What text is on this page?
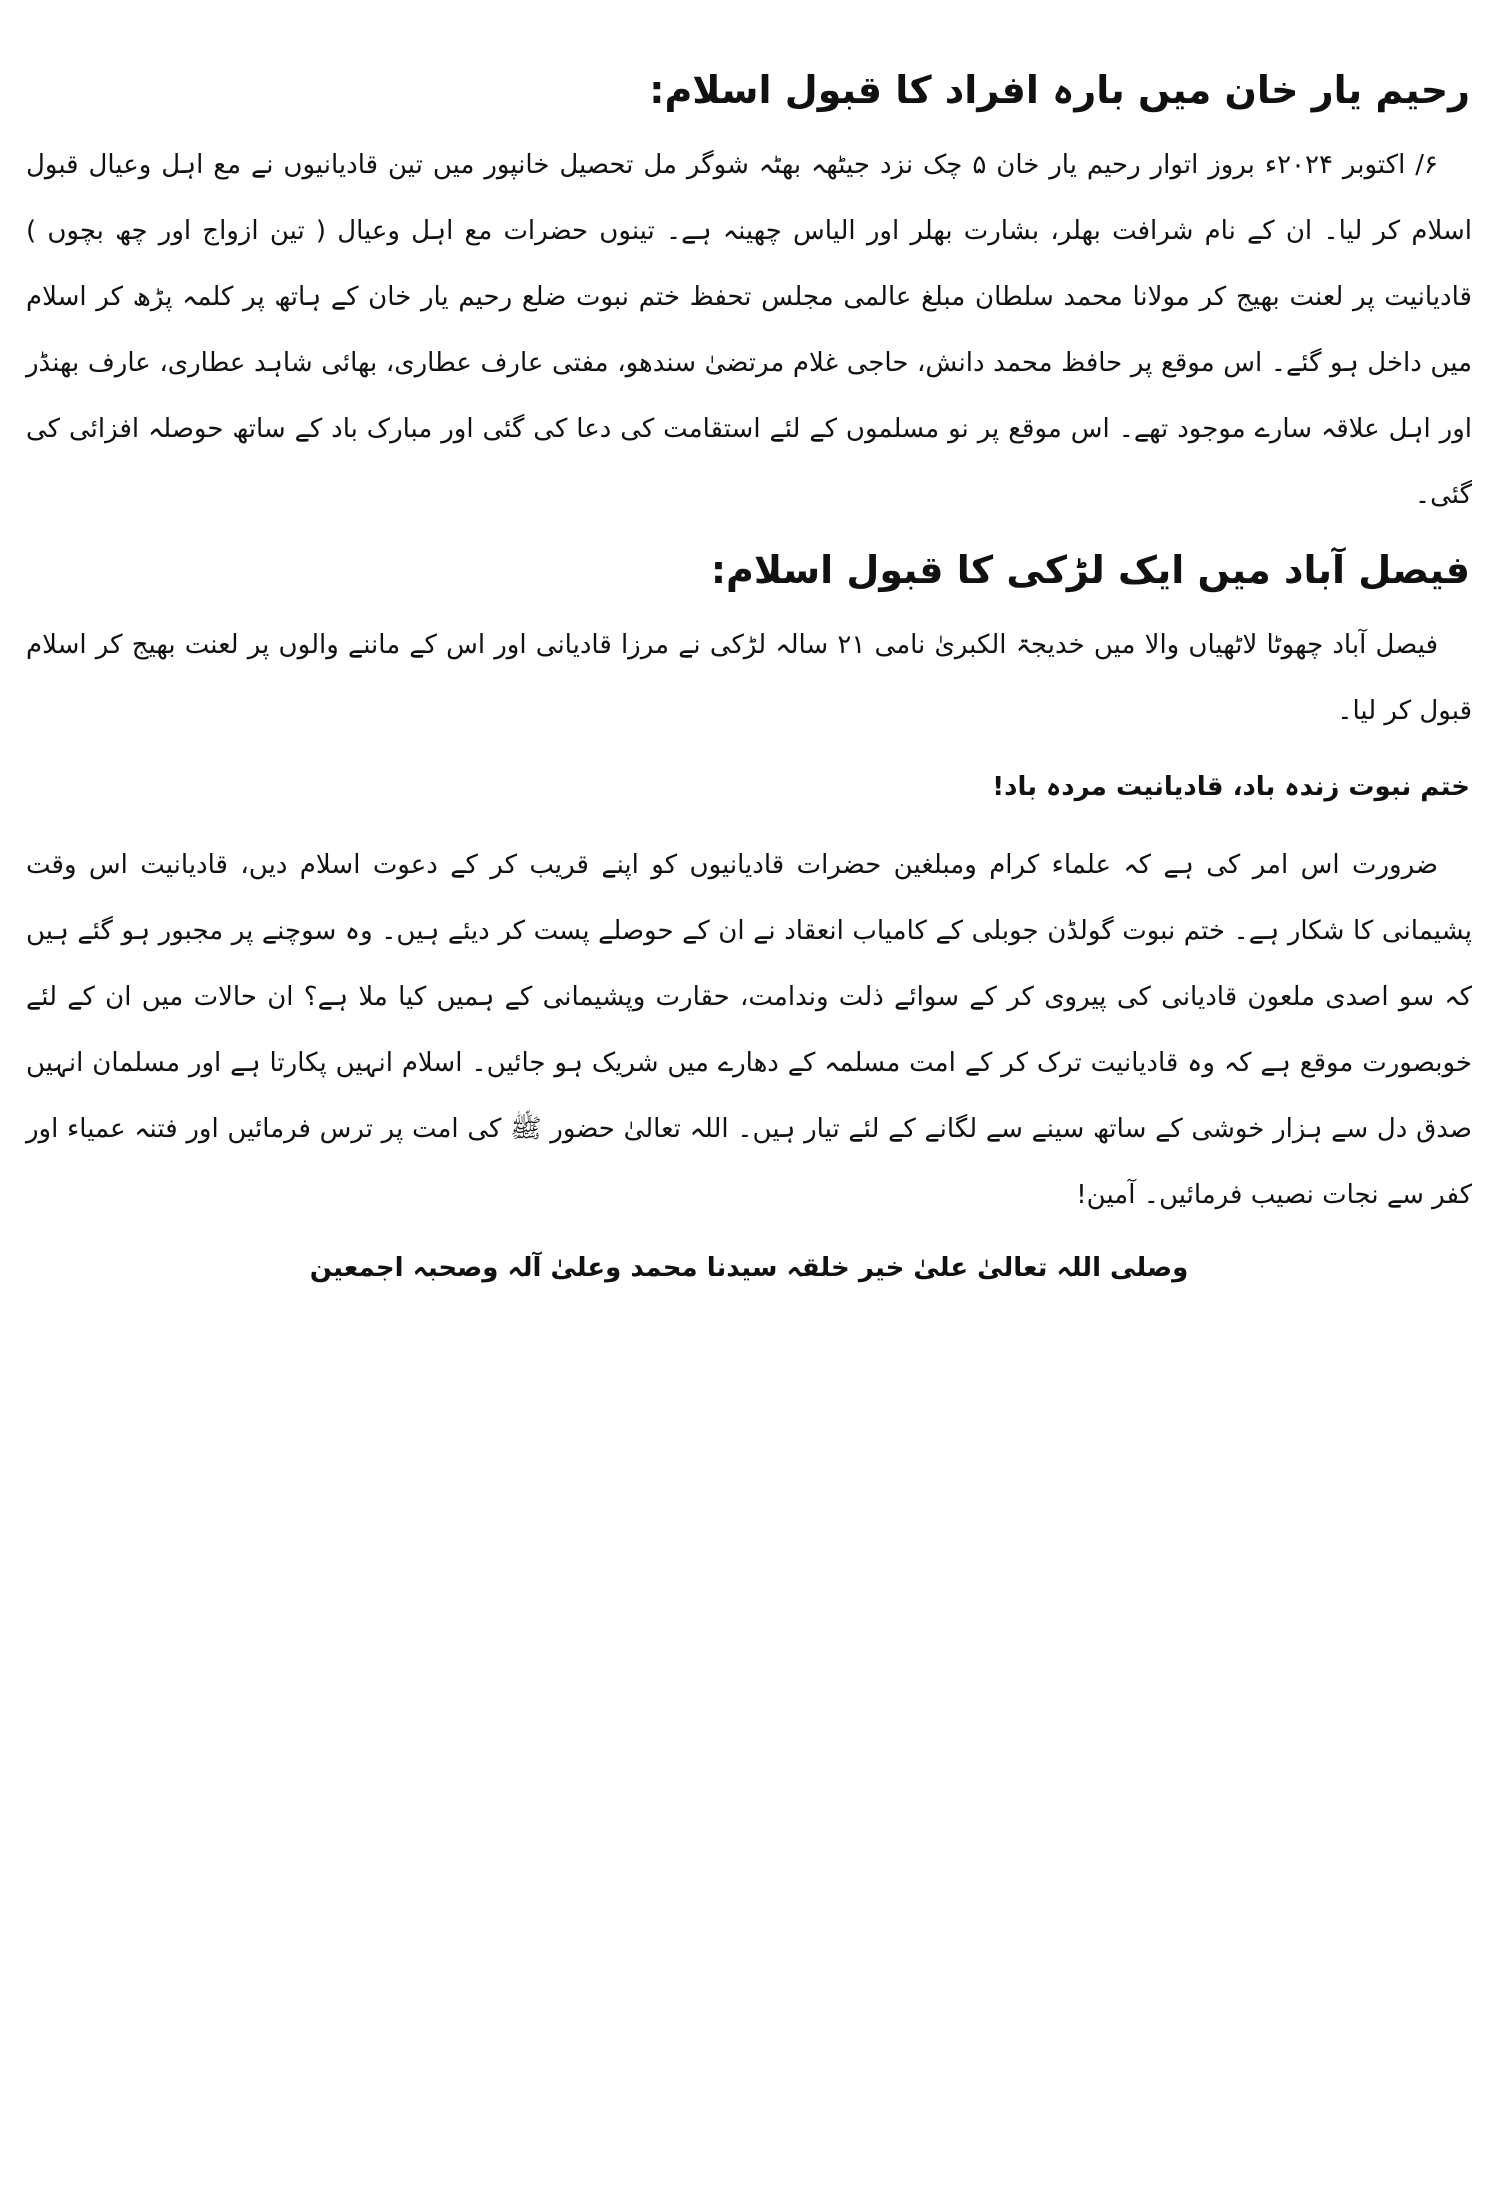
رحیم یار خان میں بارہ افراد کا قبول اسلام:

۶/ اکتوبر ۲۰۲۴ء بروز اتوار رحیم یار خان ۵ چک نزد جیٹھہ بھٹہ شوگر مل تحصیل خانپور میں تین قادیانیوں نے مع اہل وعیال قبول اسلام کر لیا۔ ان کے نام شرافت بھلر، بشارت بھلر اور الیاس چھینہ ہے۔ تینوں حضرات مع اہل وعیال ( تین ازواج اور چھ بچوں ) قادیانیت پر لعنت بھیج کر مولانا محمد سلطان مبلغ عالمی مجلس تحفظ ختم نبوت ضلع رحیم یار خان کے ہاتھ پر کلمہ پڑھ کر اسلام میں داخل ہو گئے۔ اس موقع پر حافظ محمد دانش، حاجی غلام مرتضیٰ سندھو، مفتی عارف عطاری، بھائی شاہد عطاری، عارف بھنڈر اور اہل علاقہ سارے موجود تھے۔ اس موقع پر نو مسلموں کے لئے استقامت کی دعا کی گئی اور مبارک باد کے ساتھ حوصلہ افزائی کی گئی۔

فیصل آباد میں ایک لڑکی کا قبول اسلام:

فیصل آباد چھوٹا لاٹھیاں والا میں خدیجۃ الکبریٰ نامی ۲۱ سالہ لڑکی نے مرزا قادیانی اور اس کے ماننے والوں پر لعنت بھیج کر اسلام قبول کر لیا۔

ختم نبوت زندہ باد، قادیانیت مردہ باد!

ضرورت اس امر کی ہے کہ علماء کرام ومبلغین حضرات قادیانیوں کو اپنے قریب کر کے دعوت اسلام دیں، قادیانیت اس وقت پشیمانی کا شکار ہے۔ ختم نبوت گولڈن جوبلی کے کامیاب انعقاد نے ان کے حوصلے پست کر دیئے ہیں۔ وہ سوچنے پر مجبور ہو گئے ہیں کہ سو اصدی ملعون قادیانی کی پیروی کر کے سوائے ذلت وندامت، حقارت وپشیمانی کے ہمیں کیا ملا ہے؟ ان حالات میں ان کے لئے خوبصورت موقع ہے کہ وہ قادیانیت ترک کر کے امت مسلمہ کے دھارے میں شریک ہو جائیں۔ اسلام انہیں پکارتا ہے اور مسلمان انہیں صدق دل سے ہزار خوشی کے ساتھ سینے سے لگانے کے لئے تیار ہیں۔ اللہ تعالیٰ حضور ﷺ کی امت پر ترس فرمائیں اور فتنہ عمیاء اور کفر سے نجات نصیب فرمائیں۔ آمین!

وصلی اللہ تعالیٰ علیٰ خیر خلقہ سیدنا محمد وعلیٰ آلہ وصحبہ اجمعین
